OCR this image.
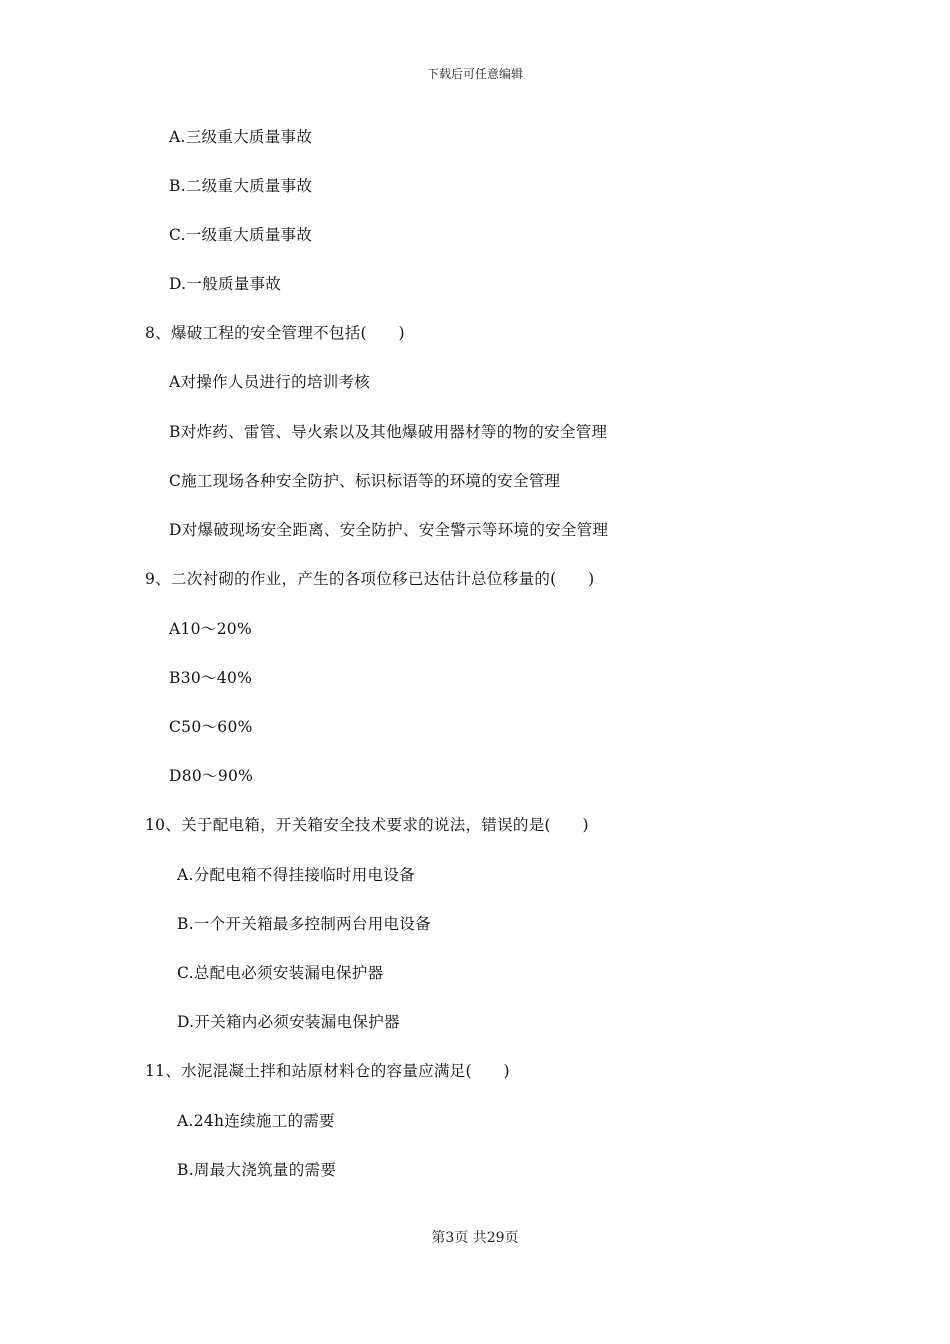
下载后可任意编辑
A.三级重大质量事故
B.二级重大质量事故
C.一级重大质量事故
D.一般质量事故
8、爆破工程的安全管理不包括(　　)
A对操作人员进行的培训考核
B对炸药、雷管、导火索以及其他爆破用器材等的物的安全管理
C施工现场各种安全防护、标识标语等的环境的安全管理
D对爆破现场安全距离、安全防护、安全警示等环境的安全管理
9、二次衬砌的作业，产生的各项位移已达估计总位移量的(　　)
A10～20%
B30～40%
C50～60%
D80～90%
10、关于配电箱，开关箱安全技术要求的说法，错误的是(　　)
A.分配电箱不得挂接临时用电设备
B.一个开关箱最多控制两台用电设备
C.总配电必须安装漏电保护器
D.开关箱内必须安装漏电保护器
11、水泥混凝土拌和站原材料仓的容量应满足(　　)
A.24h连续施工的需要
B.周最大浇筑量的需要
第3页 共29页
